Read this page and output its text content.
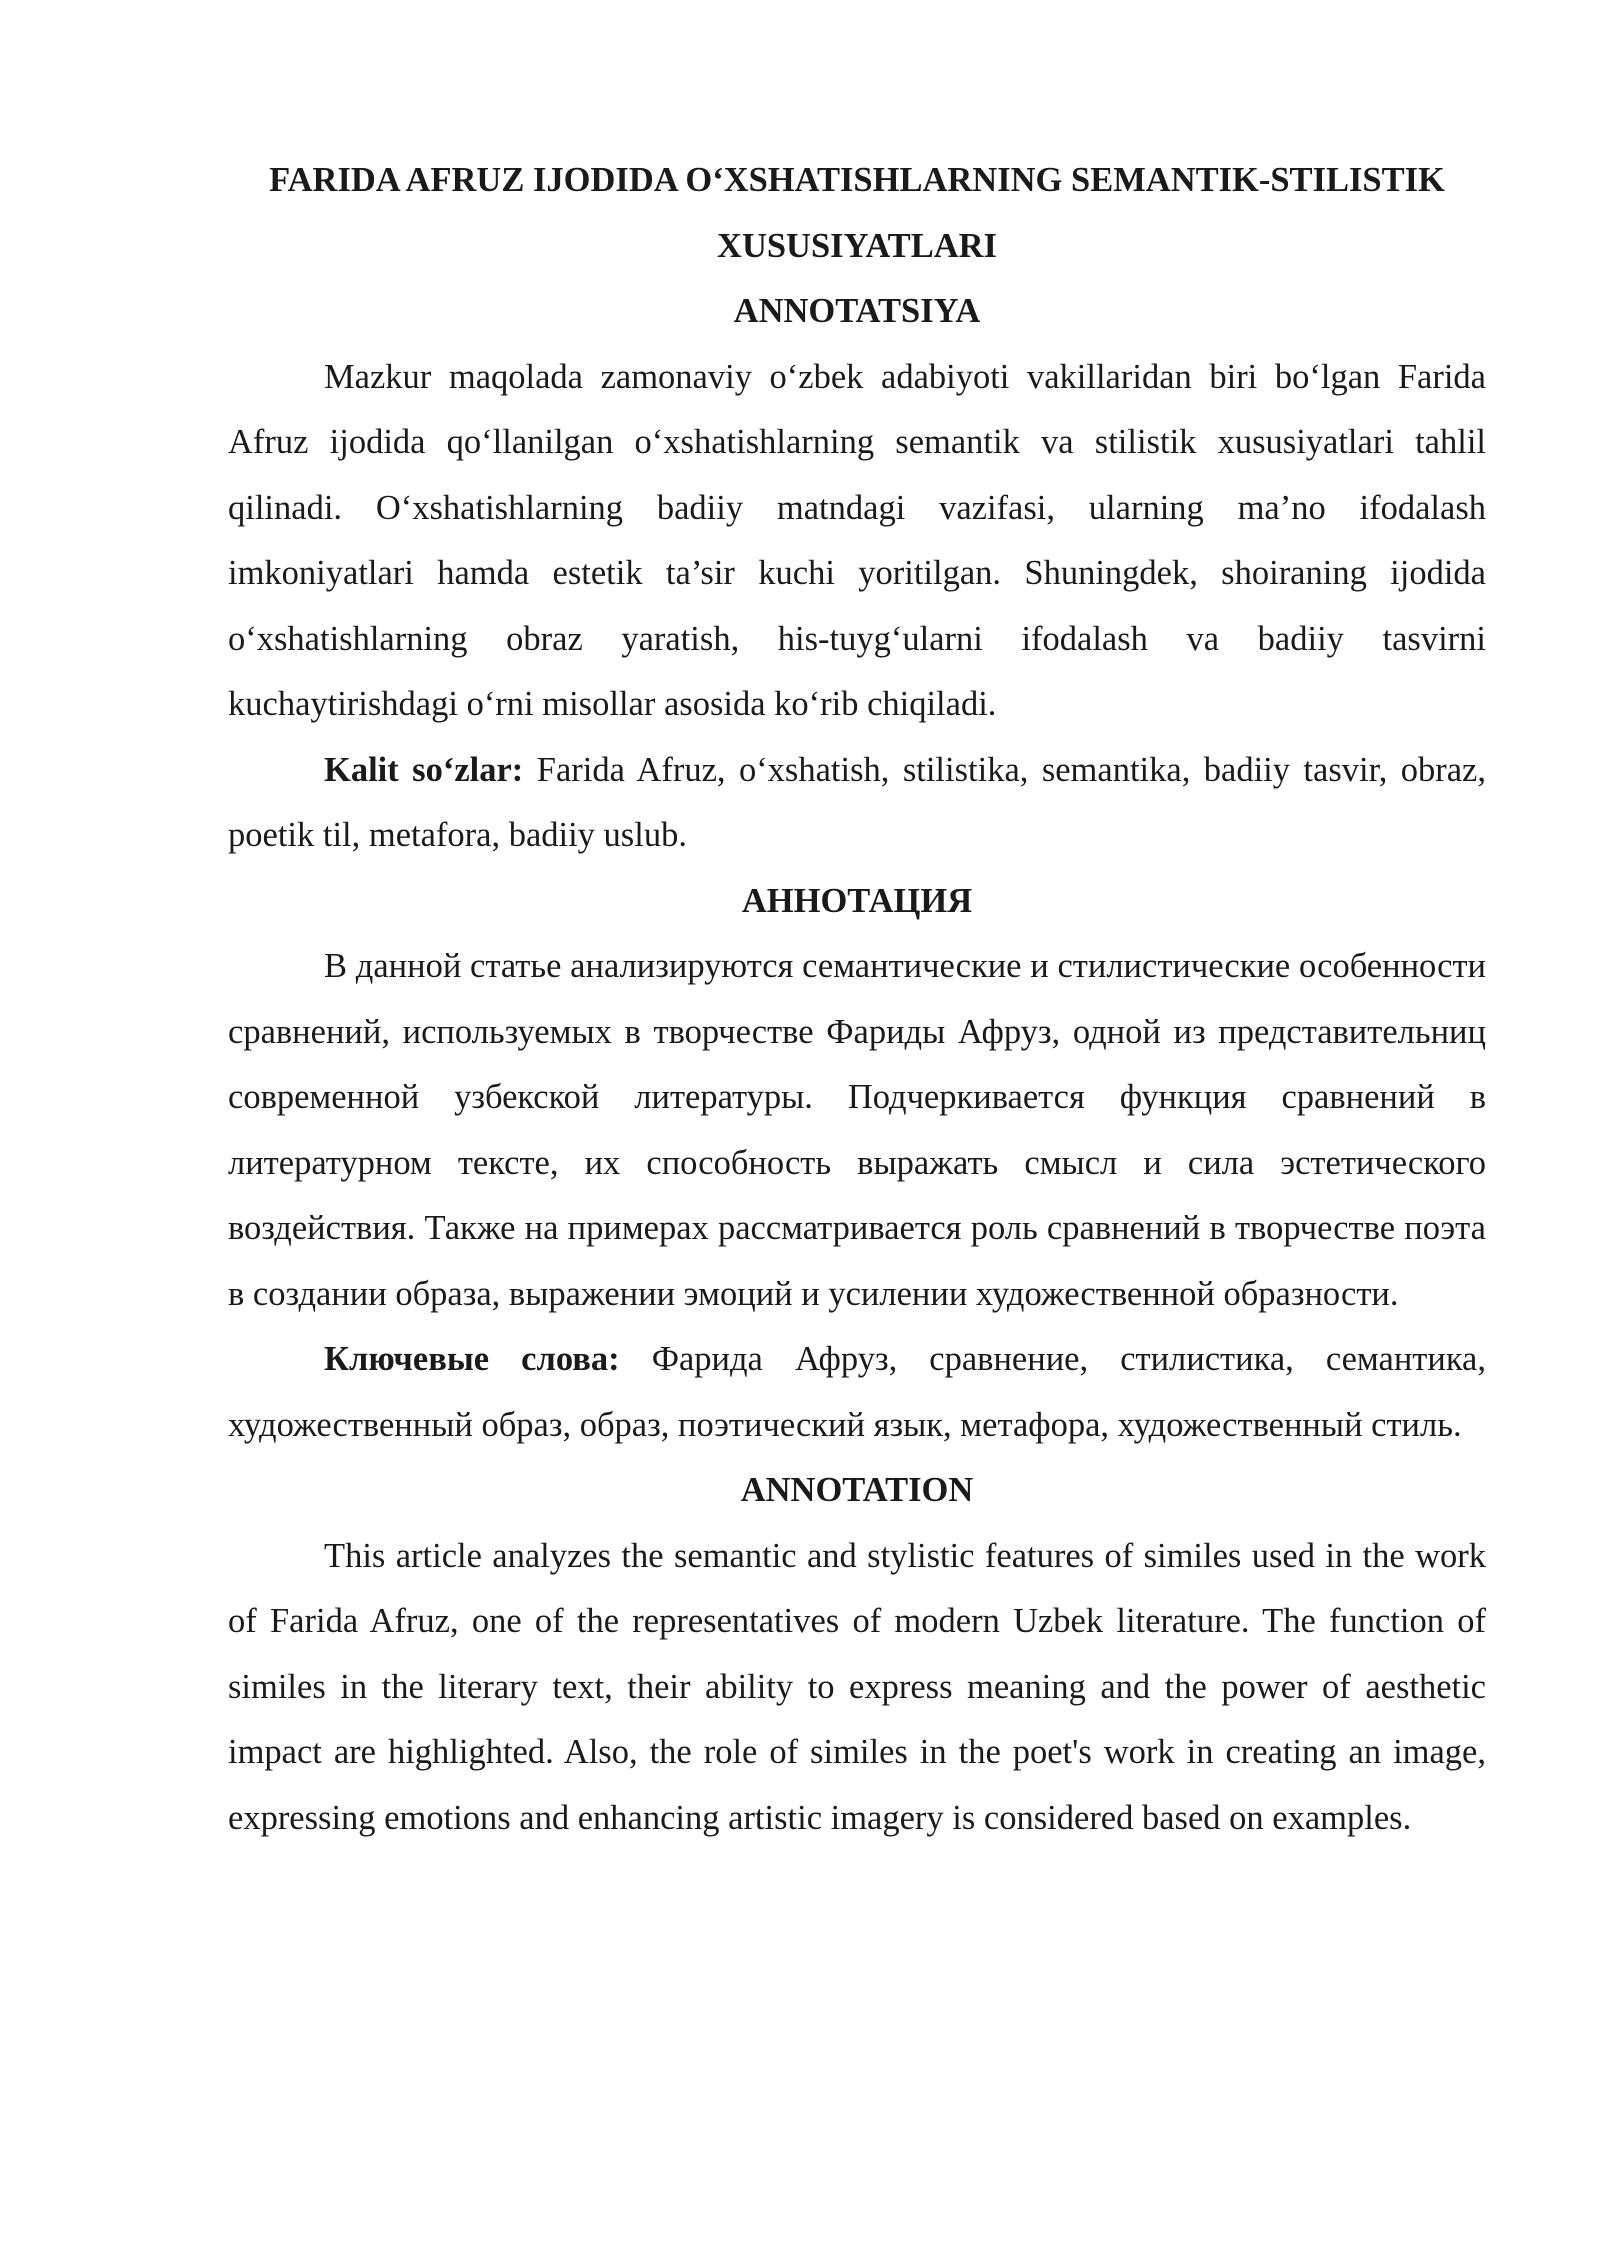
FARIDA AFRUZ IJODIDA O‘XSHATISHLARNING SEMANTIK-STILISTIK XUSUSIYATLARI

ANNOTATSIYA

Mazkur maqolada zamonaviy o‘zbek adabiyoti vakillaridan biri bo‘lgan Farida Afruz ijodida qo‘llanilgan o‘xshatishlarning semantik va stilistik xususiyatlari tahlil qilinadi. O‘xshatishlarning badiiy matndagi vazifasi, ularning ma’no ifodalash imkoniyatlari hamda estetik ta’sir kuchi yoritilgan. Shuningdek, shoiraning ijodida o‘xshatishlarning obraz yaratish, his-tuyg‘ularni ifodalash va badiiy tasvirni kuchaytirishdagi o‘rni misollar asosida ko‘rib chiqiladi.

Kalit so‘zlar: Farida Afruz, o‘xshatish, stilistika, semantika, badiiy tasvir, obraz, poetik til, metafora, badiiy uslub.

АННОТАЦИЯ

В данной статье анализируются семантические и стилистические особенности сравнений, используемых в творчестве Фариды Афруз, одной из представительниц современной узбекской литературы. Подчеркивается функция сравнений в литературном тексте, их способность выражать смысл и сила эстетического воздействия. Также на примерах рассматривается роль сравнений в творчестве поэта в создании образа, выражении эмоций и усилении художественной образности.

Ключевые слова: Фарида Афруз, сравнение, стилистика, семантика, художественный образ, образ, поэтический язык, метафора, художественный стиль.

ANNOTATION

This article analyzes the semantic and stylistic features of similes used in the work of Farida Afruz, one of the representatives of modern Uzbek literature. The function of similes in the literary text, their ability to express meaning and the power of aesthetic impact are highlighted. Also, the role of similes in the poet's work in creating an image, expressing emotions and enhancing artistic imagery is considered based on examples.
